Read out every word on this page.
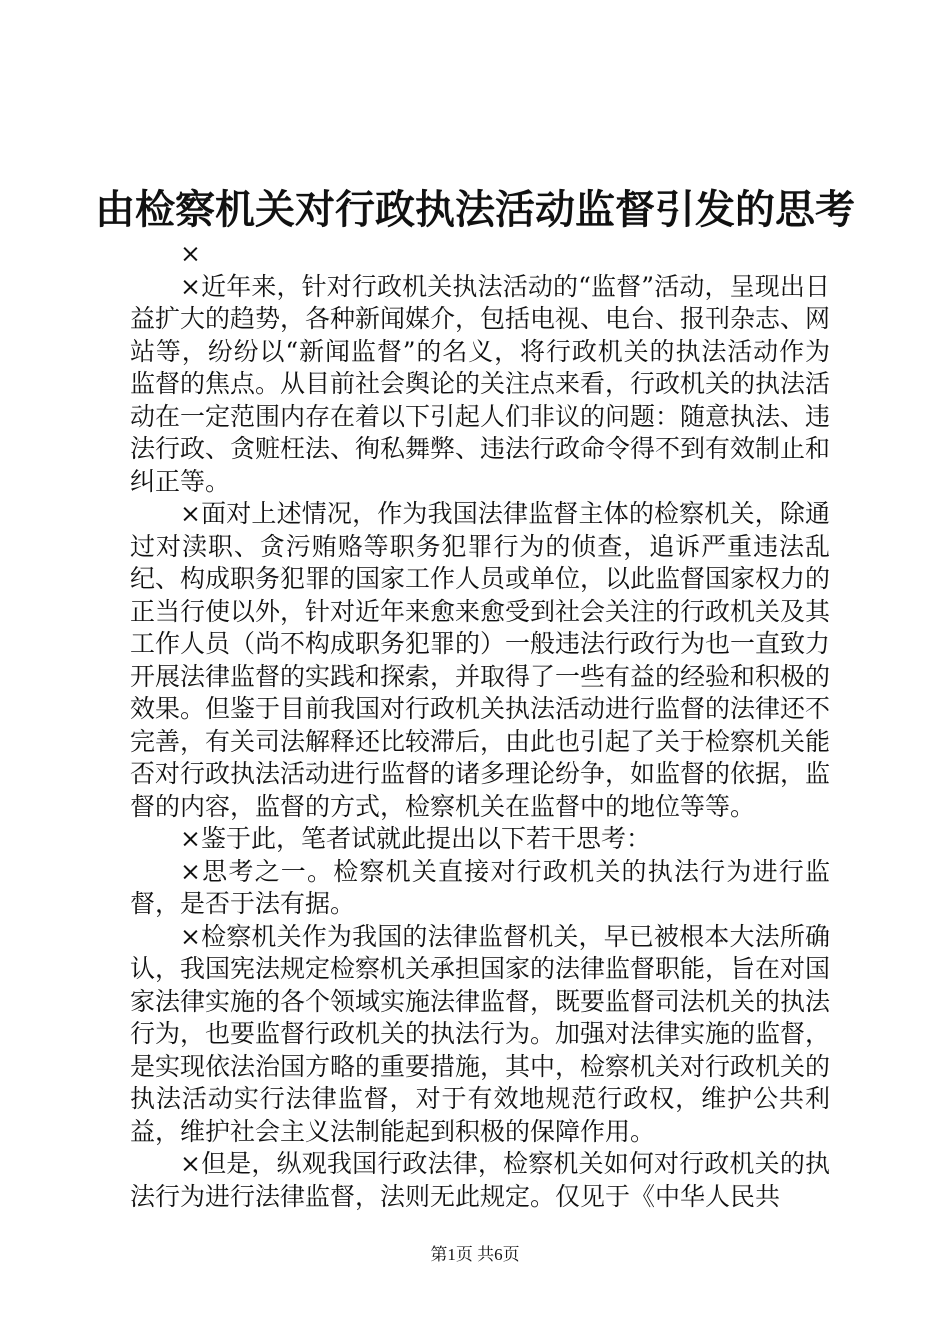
由检察机关对行政执法活动监督引发的思考

×

×近年来，针对行政机关执法活动的“监督”活动，呈现出日益扩大的趋势，各种新闻媒介，包括电视、电台、报刊杂志、网站等，纷纷以“新闻监督”的名义，将行政机关的执法活动作为监督的焦点。从目前社会舆论的关注点来看，行政机关的执法活动在一定范围内存在着以下引起人们非议的问题：随意执法、违法行政、贪赃枉法、徇私舞弊、违法行政命令得不到有效制止和纠正等。

×面对上述情况，作为我国法律监督主体的检察机关，除通过对渎职、贪污贿赂等职务犯罪行为的侦查，追诉严重违法乱纪、构成职务犯罪的国家工作人员或单位，以此监督国家权力的正当行使以外，针对近年来愈来愈受到社会关注的行政机关及其工作人员（尚不构成职务犯罪的）一般违法行政行为也一直致力开展法律监督的实践和探索，并取得了一些有益的经验和积极的效果。但鉴于目前我国对行政机关执法活动进行监督的法律还不完善，有关司法解释还比较滞后，由此也引起了关于检察机关能否对行政执法活动进行监督的诸多理论纷争，如监督的依据，监督的内容，监督的方式，检察机关在监督中的地位等等。

×鉴于此，笔者试就此提出以下若干思考：

×思考之一。检察机关直接对行政机关的执法行为进行监督，是否于法有据。

×检察机关作为我国的法律监督机关，早已被根本大法所确认，我国宪法规定检察机关承担国家的法律监督职能，旨在对国家法律实施的各个领域实施法律监督，既要监督司法机关的执法行为，也要监督行政机关的执法行为。加强对法律实施的监督，是实现依法治国方略的重要措施，其中，检察机关对行政机关的执法活动实行法律监督，对于有效地规范行政权，维护公共利益，维护社会主义法制能起到积极的保障作用。

×但是，纵观我国行政法律，检察机关如何对行政机关的执法行为进行法律监督，法则无此规定。仅见于《中华人民共

第1页 共6页
